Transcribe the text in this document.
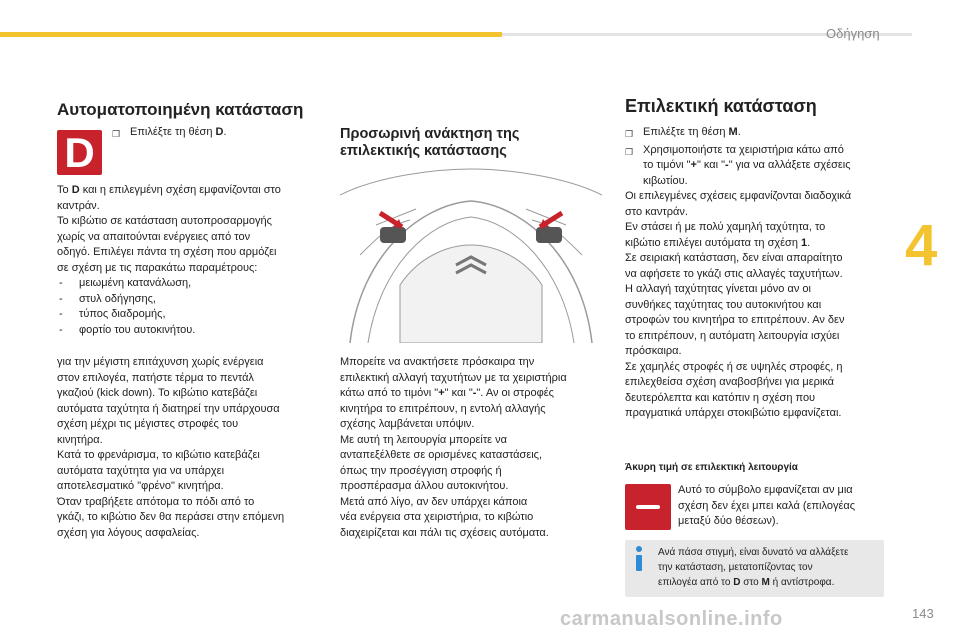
Οδήγηση
4
143
carmanualsonline.info
Αυτοματοποιημένη κατάσταση
D	❐ Επιλέξτε τη θέση D.
Το D και η επιλεγμένη σχέση εμφανίζονται στο
καντράν.
Το κιβώτιο σε κατάσταση αυτοπροσαρμογής
χωρίς να απαιτούνται ενέργειες από τον
οδηγό. Επιλέγει πάντα τη σχέση που αρμόζει
σε σχέση με τις παρακάτω παραμέτρους:
-	μειωμένη κατανάλωση,
-	στυλ οδήγησης,
-	τύπος διαδρομής,
-	φορτίο του αυτοκινήτου.
για την μέγιστη επιτάχυνση χωρίς ενέργεια
στον επιλογέα, πατήστε τέρμα το πεντάλ
γκαζιού (kick down). Το κιβώτιο κατεβάζει
αυτόματα ταχύτητα ή διατηρεί την υπάρχουσα
σχέση μέχρι τις μέγιστες στροφές του
κινητήρα.
Κατά το φρενάρισμα, το κιβώτιο κατεβάζει
αυτόματα ταχύτητα για να υπάρχει
αποτελεσματικό "φρένο" κινητήρα.
Όταν τραβήξετε απότομα το πόδι από το
γκάζι, το κιβώτιο δεν θα περάσει στην επόμενη
σχέση για λόγους ασφαλείας.
Προσωρινή ανάκτηση της
επιλεκτικής κατάστασης
Μπορείτε να ανακτήσετε πρόσκαιρα την
επιλεκτική αλλαγή ταχυτήτων με τα χειριστήρια
κάτω από το τιμόνι "+" και "-". Αν οι στροφές
κινητήρα το επιτρέπουν, η εντολή αλλαγής
σχέσης λαμβάνεται υπόψιν.
Με αυτή τη λειτουργία μπορείτε να
ανταπεξέλθετε σε ορισμένες καταστάσεις,
όπως την προσέγγιση στροφής ή
προσπέρασμα άλλου αυτοκινήτου.
Μετά από λίγο, αν δεν υπάρχει κάποια
νέα ενέργεια στα χειριστήρια, το κιβώτιο
διαχειρίζεται και πάλι τις σχέσεις αυτόματα.
Επιλεκτική κατάσταση
❐ Επιλέξτε τη θέση M.
❐ Χρησιμοποιήστε τα χειριστήρια κάτω από
το τιμόνι "+" και "-" για να αλλάξετε σχέσεις
κιβωτίου.
Οι επιλεγμένες σχέσεις εμφανίζονται διαδοχικά
στο καντράν.
Εν στάσει ή με πολύ χαμηλή ταχύτητα, το
κιβώτιο επιλέγει αυτόματα τη σχέση 1.
Σε σειριακή κατάσταση, δεν είναι απαραίτητο
να αφήσετε το γκάζι στις αλλαγές ταχυτήτων.
Η αλλαγή ταχύτητας γίνεται μόνο αν οι
συνθήκες ταχύτητας του αυτοκινήτου και
στροφών του κινητήρα το επιτρέπουν. Αν δεν
το επιτρέπουν, η αυτόματη λειτουργία ισχύει
πρόσκαιρα.
Σε χαμηλές στροφές ή σε υψηλές στροφές, η
επιλεχθείσα σχέση αναβοσβήνει για μερικά
δευτερόλεπτα και κατόπιν η σχέση που
πραγματικά υπάρχει στοκιβώτιο εμφανίζεται.
Άκυρη τιμή σε επιλεκτική λειτουργία
Αυτό το σύμβολο εμφανίζεται αν μια
σχέση δεν έχει μπει καλά (επιλογέας
μεταξύ δύο θέσεων).
Ανά πάσα στιγμή, είναι δυνατό να αλλάξετε
την κατάσταση, μετατοπίζοντας τον
επιλογέα από το D στο M ή αντίστροφα.
